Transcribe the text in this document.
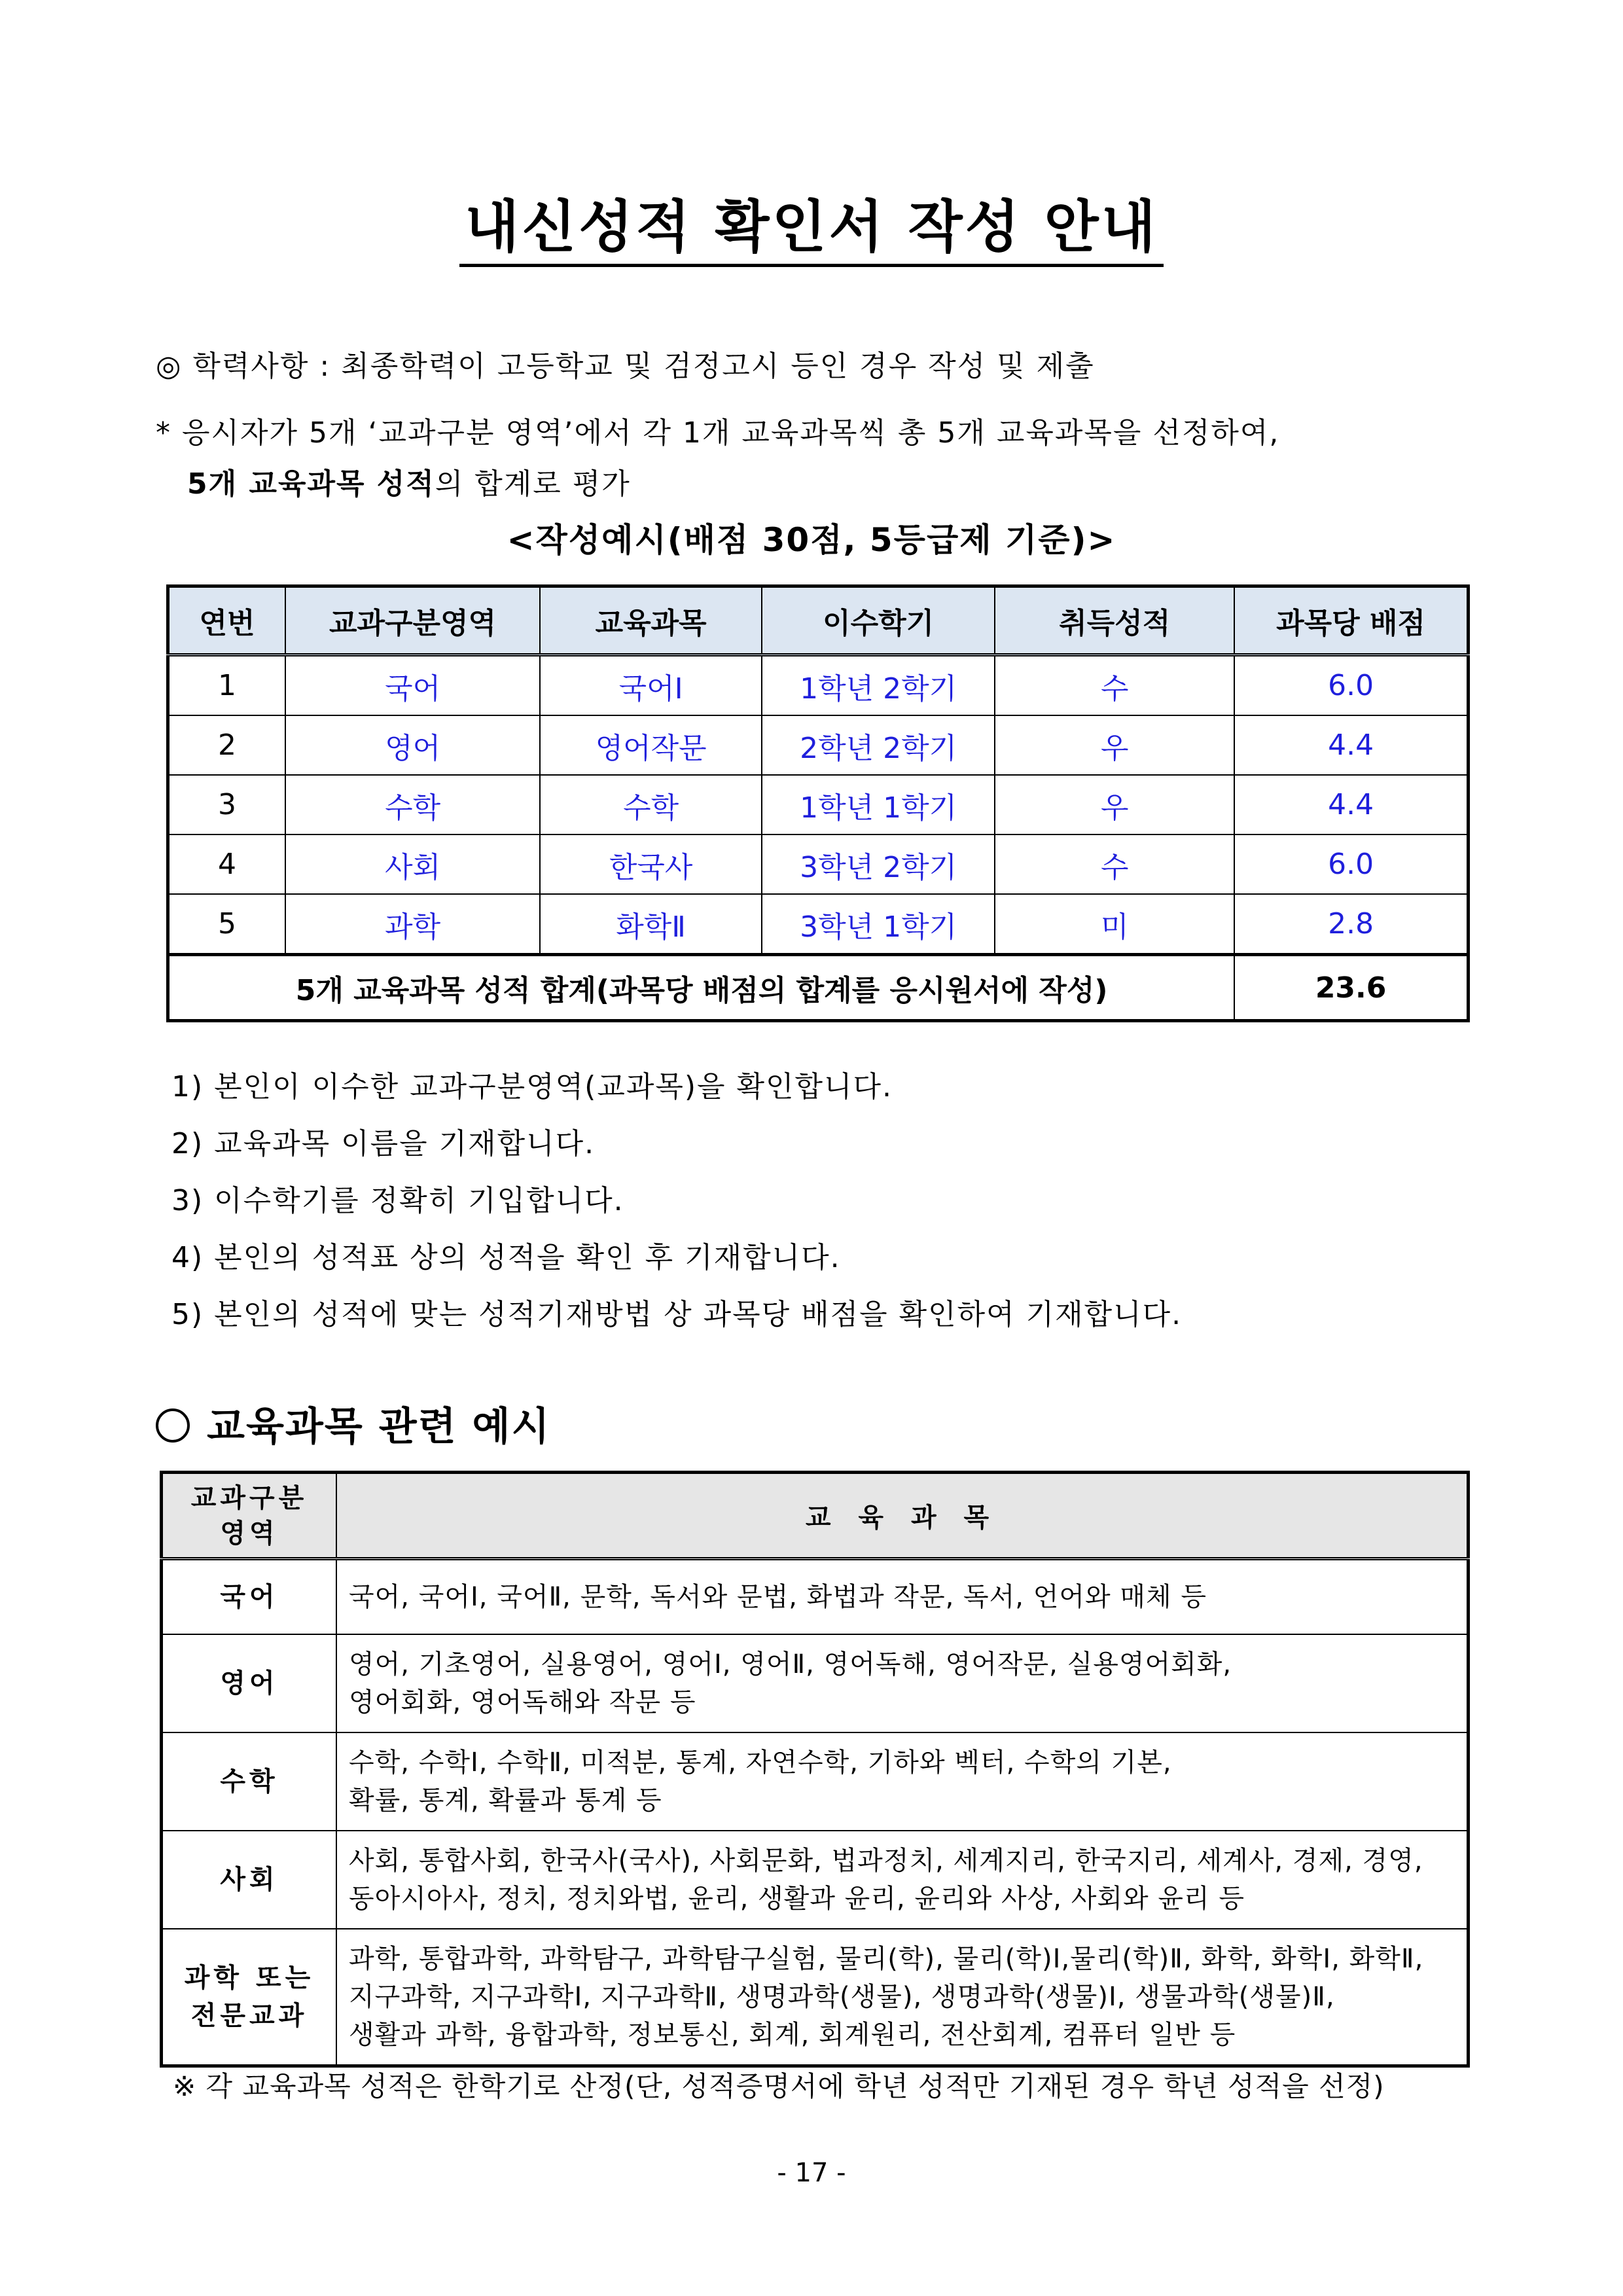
내신성적 확인서 작성 안내
◎ 학력사항 : 최종학력이 고등학교 및 검정고시 등인 경우 작성 및 제출
* 응시자가 5개 ‘교과구분 영역’에서 각 1개 교육과목씩 총 5개 교육과목을 선정하여,
5개 교육과목 성적의 합계로 평가
<작성예시(배점 30점, 5등급제 기준)>
연번	교과구분영역	교육과목	이수학기	취득성적	과목당 배점
1	국어	국어Ⅰ	1학년 2학기	수	6.0
2	영어	영어작문	2학년 2학기	우	4.4
3	수학	수학	1학년 1학기	우	4.4
4	사회	한국사	3학년 2학기	수	6.0
5	과학	화학Ⅱ	3학년 1학기	미	2.8
5개 교육과목 성적 합계(과목당 배점의 합계를 응시원서에 작성)					23.6
1) 본인이 이수한 교과구분영역(교과목)을 확인합니다.
2) 교육과목 이름을 기재합니다.
3) 이수학기를 정확히 기입합니다.
4) 본인의 성적표 상의 성적을 확인 후 기재합니다.
5) 본인의 성적에 맞는 성적기재방법 상 과목당 배점을 확인하여 기재합니다.
교육과목 관련 예시
교과구분
영역	교 육 과 목
국어	국어, 국어Ⅰ, 국어Ⅱ, 문학, 독서와 문법, 화법과 작문, 독서, 언어와 매체 등
영어	영어, 기초영어, 실용영어, 영어Ⅰ, 영어Ⅱ, 영어독해, 영어작문, 실용영어회화,
영어회화, 영어독해와 작문 등
수학	수학, 수학Ⅰ, 수학Ⅱ, 미적분, 통계, 자연수학, 기하와 벡터, 수학의 기본,
확률, 통계, 확률과 통계 등
사회	사회, 통합사회, 한국사(국사), 사회문화, 법과정치, 세계지리, 한국지리, 세계사, 경제, 경영,
동아시아사, 정치, 정치와법, 윤리, 생활과 윤리, 윤리와 사상, 사회와 윤리 등
과학 또는
전문교과	과학, 통합과학, 과학탐구, 과학탐구실험, 물리(학), 물리(학)Ⅰ,물리(학)Ⅱ, 화학, 화학Ⅰ, 화학Ⅱ,
지구과학, 지구과학Ⅰ, 지구과학Ⅱ, 생명과학(생물), 생명과학(생물)Ⅰ, 생물과학(생물)Ⅱ,
생활과 과학, 융합과학, 정보통신, 회계, 회계원리, 전산회계, 컴퓨터 일반 등
※ 각 교육과목 성적은 한학기로 산정(단, 성적증명서에 학년 성적만 기재된 경우 학년 성적을 선정)
- 17 -
